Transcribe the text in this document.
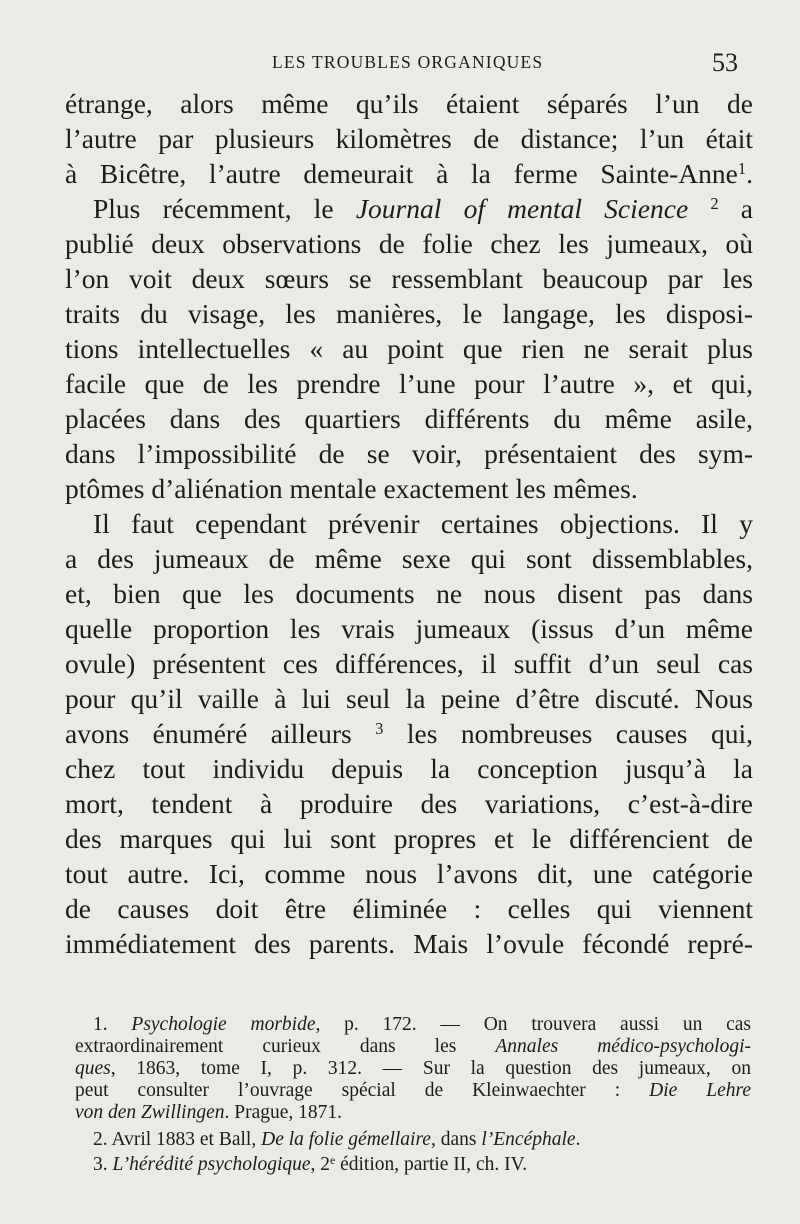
LES TROUBLES ORGANIQUES	53
étrange, alors même qu’ils étaient séparés l’un de
l’autre par plusieurs kilomètres de distance; l’un était
à Bicêtre, l’autre demeurait à la ferme Sainte-Anne$^1$.
Plus récemment, le Journal of mental Science $^2$ a
publié deux observations de folie chez les jumeaux, où
l’on voit deux sœurs se ressemblant beaucoup par les
traits du visage, les manières, le langage, les disposi-
tions intellectuelles « au point que rien ne serait plus
facile que de les prendre l’une pour l’autre », et qui,
placées dans des quartiers différents du même asile,
dans l’impossibilité de se voir, présentaient des sym-
ptômes d’aliénation mentale exactement les mêmes.
Il faut cependant prévenir certaines objections. Il y
a des jumeaux de même sexe qui sont dissemblables,
et, bien que les documents ne nous disent pas dans
quelle proportion les vrais jumeaux (issus d’un même
ovule) présentent ces différences, il suffit d’un seul cas
pour qu’il vaille à lui seul la peine d’être discuté. Nous
avons énuméré ailleurs $^3$ les nombreuses causes qui,
chez tout individu depuis la conception jusqu’à la
mort, tendent à produire des variations, c’est-à-dire
des marques qui lui sont propres et le différencient de
tout autre. Ici, comme nous l’avons dit, une catégorie
de causes doit être éliminée : celles qui viennent
immédiatement des parents. Mais l’ovule fécondé repré-
1. Psychologie morbide, p. 172. — On trouvera aussi un cas
extraordinairement curieux dans les Annales médico-psychologi-
ques, 1863, tome I, p. 312. — Sur la question des jumeaux, on
peut consulter l’ouvrage spécial de Kleinwaechter : Die Lehre
von den Zwillingen. Prague, 1871.
2. Avril 1883 et Ball, De la folie gémellaire, dans l’Encéphale.
3. L’hérédité psychologique, 2e édition, partie II, ch. IV.
